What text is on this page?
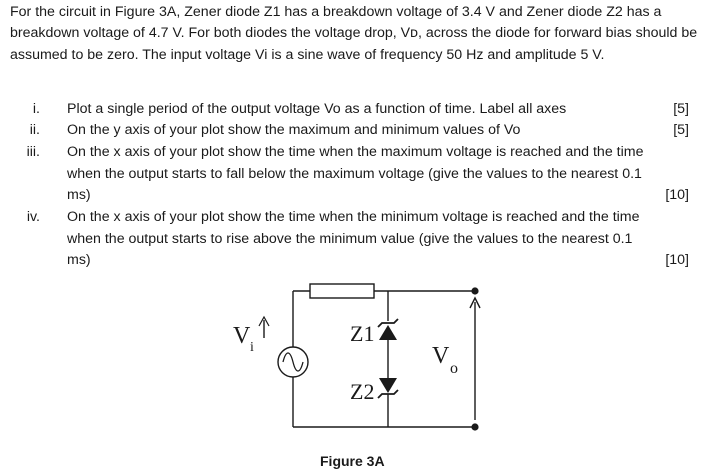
For the circuit in Figure 3A, Zener diode Z1 has a breakdown voltage of 3.4 V and Zener diode Z2 has a breakdown voltage of 4.7 V. For both diodes the voltage drop, Vᴅ, across the diode for forward bias should be assumed to be zero. The input voltage Vi is a sine wave of frequency 50 Hz and amplitude 5 V.

i. Plot a single period of the output voltage Vo as a function of time. Label all axes	[5]
ii. On the y axis of your plot show the maximum and minimum values of Vo	[5]
iii. On the x axis of your plot show the time when the maximum voltage is reached and the time
when the output starts to fall below the maximum voltage (give the values to the nearest 0.1
ms)	[10]
iv. On the x axis of your plot show the time when the minimum voltage is reached and the time
when the output starts to rise above the minimum value (give the values to the nearest 0.1
ms)	[10]
V i
Z1
Z2
V o
Figure 3A
